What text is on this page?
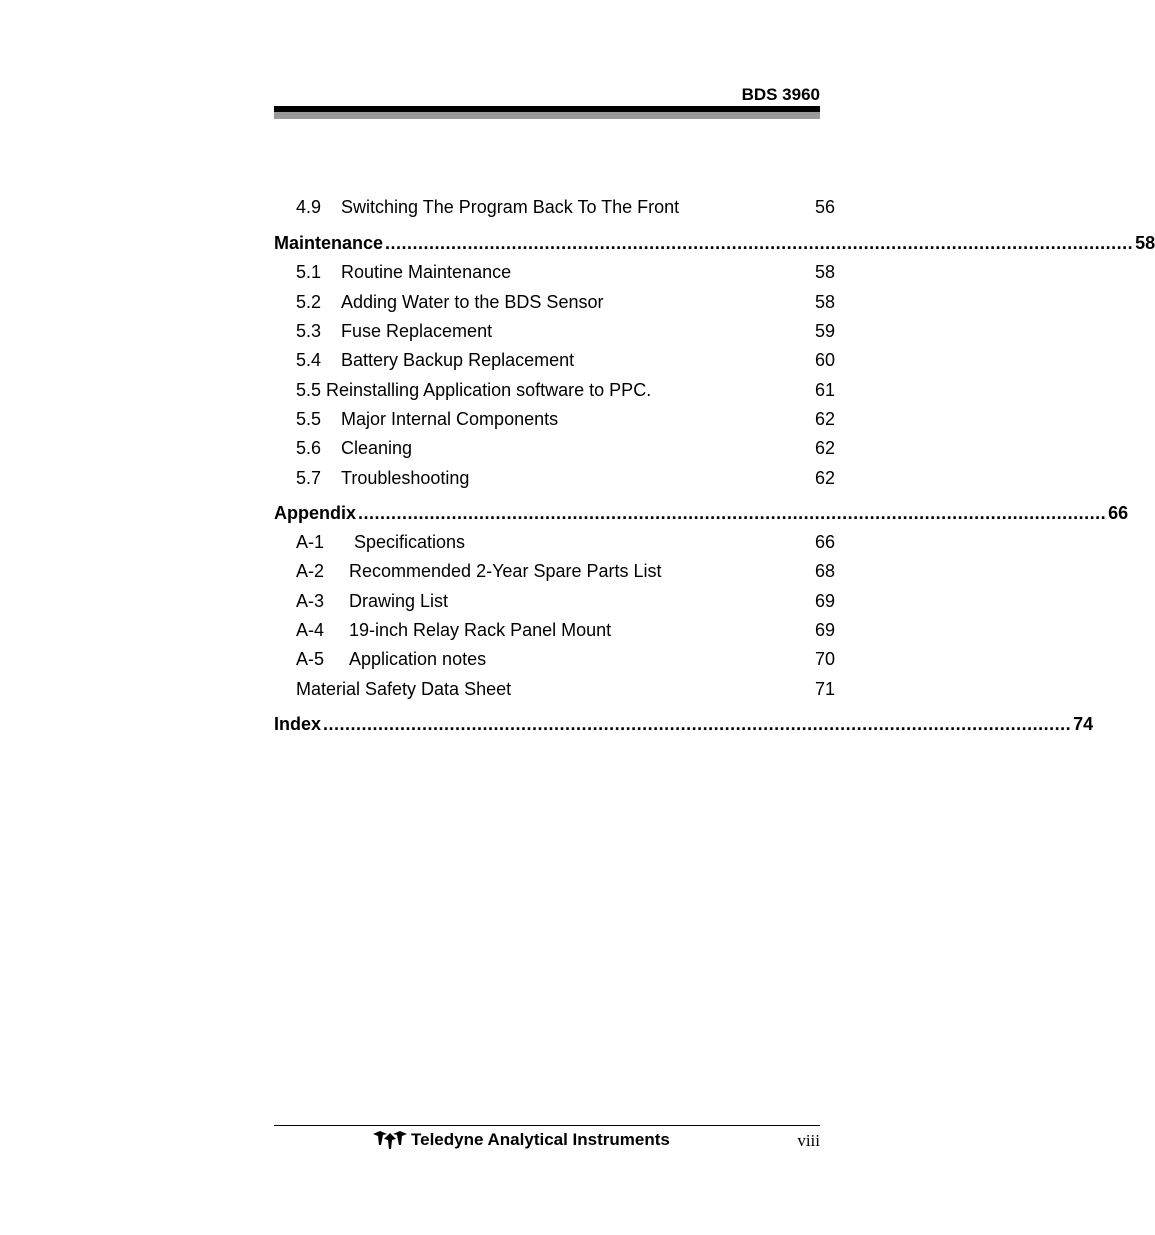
BDS 3960
4.9 Switching The Program Back To The Front	56
Maintenance ........................................................................................................................................ 58
5.1 Routine Maintenance	58
5.2 Adding Water to the BDS Sensor	58
5.3 Fuse Replacement	59
5.4 Battery Backup Replacement	60
5.5 Reinstalling Application software to PPC.	61
5.5 Major Internal Components	62
5.6 Cleaning	62
5.7 Troubleshooting	62
Appendix ........................................................................................................................................ 66
A-1 Specifications	66
A-2 Recommended 2-Year Spare Parts List	68
A-3 Drawing List	69
A-4 19-inch Relay Rack Panel Mount	69
A-5 Application notes	70
Material Safety Data Sheet	71
Index ........................................................................................................................................ 74
Teledyne Analytical Instruments	viii
